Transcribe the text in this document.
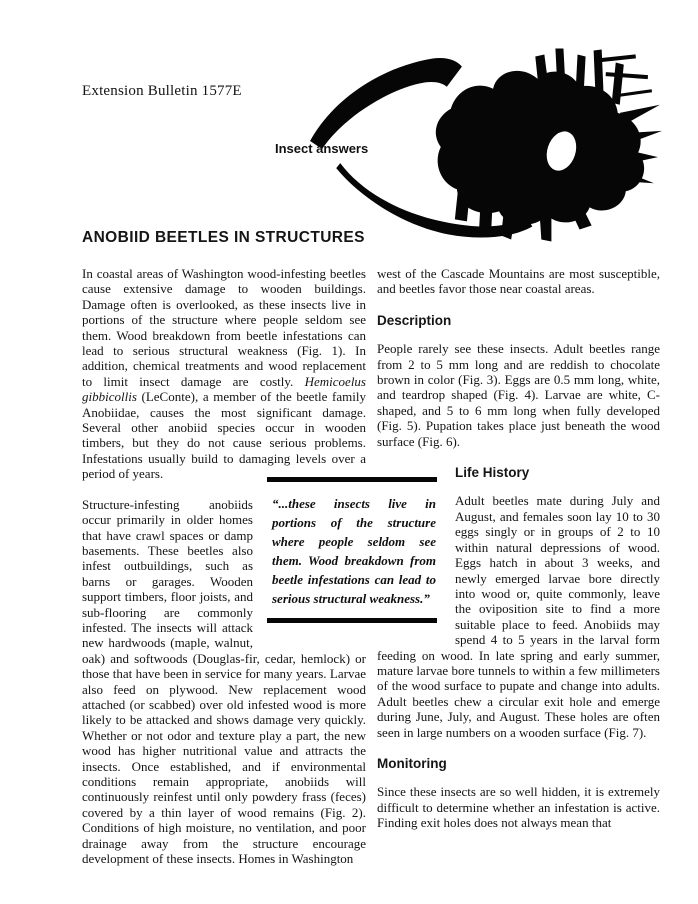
Extension Bulletin 1577E
Insect answers
ANOBIID BEETLES IN STRUCTURES

In coastal areas of Washington wood-infesting beetles cause extensive damage to wooden buildings. Damage often is overlooked, as these insects live in portions of the structure where people seldom see them. Wood breakdown from beetle infestations can lead to serious structural weakness (Fig. 1). In addition, chemical treatments and wood replacement to limit insect damage are costly. Hemicoelus gibbicollis (LeConte), a member of the beetle family Anobiidae, causes the most significant damage. Several other anobiid species occur in wooden timbers, but they do not cause serious problems. Infestations usually build to damaging levels over a period of years.

Structure-infesting anobiids occur primarily in older homes that have crawl spaces or damp basements. These beetles also infest outbuildings, such as barns or garages. Wooden support timbers, floor joists, and sub-flooring are commonly infested. The insects will attack new hardwoods (maple, walnut, oak) and softwoods (Douglas-fir, cedar, hemlock) or those that have been in service for many years. Larvae also feed on plywood. New replacement wood attached (or scabbed) over old infested wood is more likely to be attacked and shows damage very quickly. Whether or not odor and texture play a part, the new wood has higher nutritional value and attracts the insects. Once established, and if environmental conditions remain appropriate, anobiids will continuously reinfest until only powdery frass (feces) covered by a thin layer of wood remains (Fig. 2). Conditions of high moisture, no ventilation, and poor drainage away from the structure encourage development of these insects. Homes in Washington

west of the Cascade Mountains are most susceptible, and beetles favor those near coastal areas.

Description

People rarely see these insects. Adult beetles range from 2 to 5 mm long and are reddish to chocolate brown in color (Fig. 3). Eggs are 0.5 mm long, white, and teardrop shaped (Fig. 4). Larvae are white, C-shaped, and 5 to 6 mm long when fully developed (Fig. 5). Pupation takes place just beneath the wood surface (Fig. 6).

Life History

Adult beetles mate during July and August, and females soon lay 10 to 30 eggs singly or in groups of 2 to 10 within natural depressions of wood. Eggs hatch in about 3 weeks, and newly emerged larvae bore directly into wood or, quite commonly, leave the oviposition site to find a more suitable place to feed. Anobiids may spend 4 to 5 years in the larval form feeding on wood. In late spring and early summer, mature larvae bore tunnels to within a few millimeters of the wood surface to pupate and change into adults. Adult beetles chew a circular exit hole and emerge during June, July, and August. These holes are often seen in large numbers on a wooden surface (Fig. 7).

Monitoring

Since these insects are so well hidden, it is extremely difficult to determine whether an infestation is active. Finding exit holes does not always mean that

“...these insects live in portions of the structure where people seldom see them. Wood breakdown from beetle infestations can lead to serious structural weakness.”
